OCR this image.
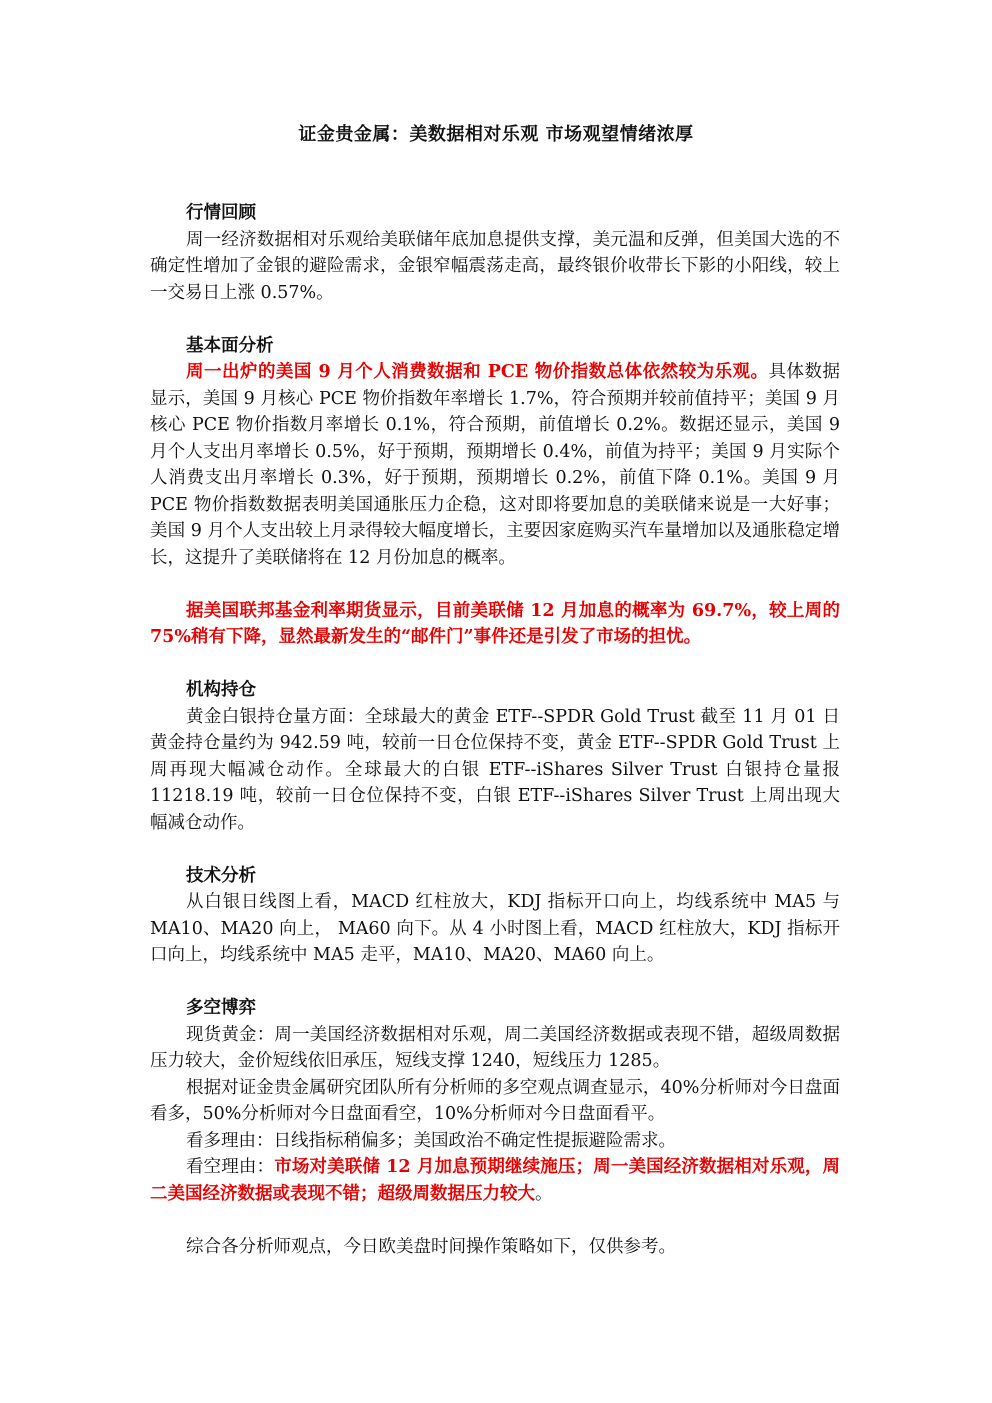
证金贵金属：美数据相对乐观 市场观望情绪浓厚

行情回顾

周一经济数据相对乐观给美联储年底加息提供支撑，美元温和反弹，但美国大选的不确定性增加了金银的避险需求，金银窄幅震荡走高，最终银价收带长下影的小阳线，较上一交易日上涨 0.57%。

基本面分析

周一出炉的美国 9 月个人消费数据和 PCE 物价指数总体依然较为乐观。具体数据显示，美国 9 月核心 PCE 物价指数年率增长 1.7%，符合预期并较前值持平；美国 9 月核心 PCE 物价指数月率增长 0.1%，符合预期，前值增长 0.2%。数据还显示，美国 9 月个人支出月率增长 0.5%，好于预期，预期增长 0.4%，前值为持平；美国 9 月实际个人消费支出月率增长 0.3%，好于预期，预期增长 0.2%，前值下降 0.1%。美国 9 月 PCE 物价指数数据表明美国通胀压力企稳，这对即将要加息的美联储来说是一大好事；美国 9 月个人支出较上月录得较大幅度增长，主要因家庭购买汽车量增加以及通胀稳定增长，这提升了美联储将在 12 月份加息的概率。

据美国联邦基金利率期货显示，目前美联储 12 月加息的概率为 69.7%，较上周的 75%稍有下降，显然最新发生的“邮件门”事件还是引发了市场的担忧。

机构持仓

黄金白银持仓量方面：全球最大的黄金 ETF--SPDR Gold Trust 截至 11 月 01 日黄金持仓量约为 942.59 吨，较前一日仓位保持不变，黄金 ETF--SPDR Gold Trust 上周再现大幅减仓动作。全球最大的白银 ETF--iShares Silver Trust 白银持仓量报 11218.19 吨，较前一日仓位保持不变，白银 ETF--iShares Silver Trust 上周出现大幅减仓动作。

技术分析

从白银日线图上看，MACD 红柱放大，KDJ 指标开口向上，均线系统中 MA5 与 MA10、MA20 向上， MA60 向下。从 4 小时图上看，MACD 红柱放大，KDJ 指标开口向上，均线系统中 MA5 走平，MA10、MA20、MA60 向上。

多空博弈

现货黄金：周一美国经济数据相对乐观，周二美国经济数据或表现不错，超级周数据压力较大，金价短线依旧承压，短线支撑 1240，短线压力 1285。

根据对证金贵金属研究团队所有分析师的多空观点调查显示，40%分析师对今日盘面看多，50%分析师对今日盘面看空，10%分析师对今日盘面看平。

看多理由：日线指标稍偏多；美国政治不确定性提振避险需求。

看空理由：市场对美联储 12 月加息预期继续施压；周一美国经济数据相对乐观，周二美国经济数据或表现不错；超级周数据压力较大。

综合各分析师观点，今日欧美盘时间操作策略如下，仅供参考。
